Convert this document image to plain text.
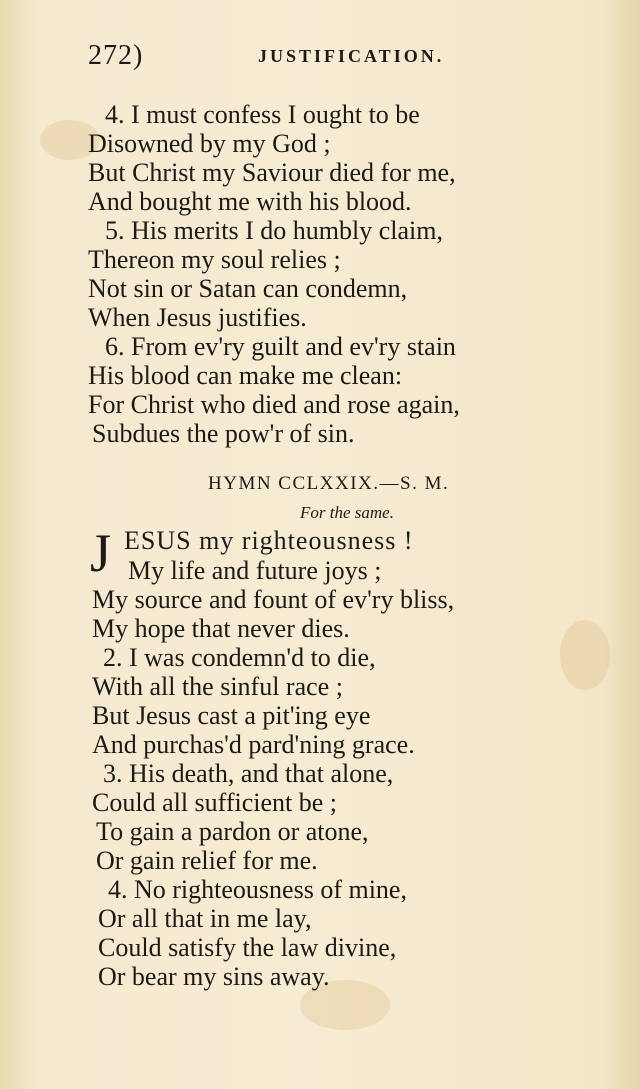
272)	JUSTIFICATION.
4. I must confess I ought to be
Disowned by my God ;
But Christ my Saviour died for me,
And bought me with his blood.
5. His merits I do humbly claim,
Thereon my soul relies ;
Not sin or Satan can condemn,
When Jesus justifies.
6. From ev'ry guilt and ev'ry stain
His blood can make me clean:
For Christ who died and rose again,
Subdues the pow'r of sin.
HYMN CCLXXIX.—S. M.
For the same.
J ESUS my righteousness !
My life and future joys ;
My source and fount of ev'ry bliss,
My hope that never dies.
2. I was condemn'd to die,
With all the sinful race ;
But Jesus cast a pit'ing eye
And purchas'd pard'ning grace.
3. His death, and that alone,
Could all sufficient be ;
To gain a pardon or atone,
Or gain relief for me.
4. No righteousness of mine,
Or all that in me lay,
Could satisfy the law divine,
Or bear my sins away.
